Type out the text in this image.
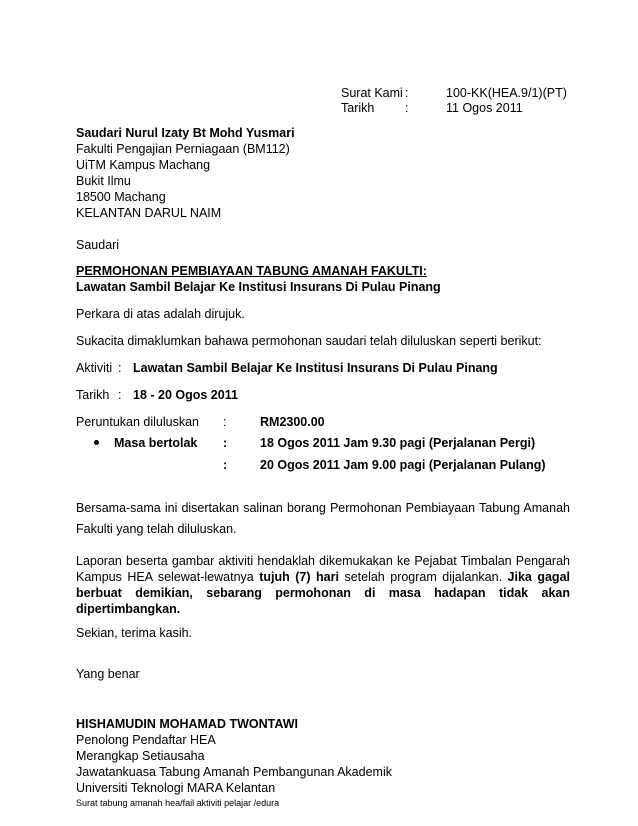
Surat Kami :	100-KK(HEA.9/1)(PT)
Tarikh :	11 Ogos 2011
Saudari Nurul Izaty Bt Mohd Yusmari
Fakulti Pengajian Perniagaan (BM112)
UiTM Kampus Machang
Bukit Ilmu
18500 Machang
KELANTAN DARUL NAIM
Saudari
PERMOHONAN PEMBIAYAAN TABUNG AMANAH FAKULTI:
Lawatan Sambil Belajar Ke Institusi Insurans Di Pulau Pinang
Perkara di atas adalah dirujuk.
Sukacita dimaklumkan bahawa permohonan saudari telah diluluskan seperti berikut:
Aktiviti : Lawatan Sambil Belajar Ke Institusi Insurans Di Pulau Pinang
Tarikh : 18 - 20 Ogos 2011
Peruntukan diluluskan :	RM2300.00
Masa bertolak :	18 Ogos 2011 Jam 9.30 pagi (Perjalanan Pergi)
:	20 Ogos 2011 Jam 9.00 pagi (Perjalanan Pulang)
Bersama-sama ini disertakan salinan borang Permohonan Pembiayaan Tabung Amanah Fakulti yang telah diluluskan.
Laporan beserta gambar aktiviti hendaklah dikemukakan ke Pejabat Timbalan Pengarah Kampus HEA selewat-lewatnya tujuh (7) hari setelah program dijalankan. Jika gagal berbuat demikian, sebarang permohonan di masa hadapan tidak akan dipertimbangkan.
Sekian, terima kasih.
Yang benar
HISHAMUDIN MOHAMAD TWONTAWI
Penolong Pendaftar HEA
Merangkap Setiausaha
Jawatankuasa Tabung Amanah Pembangunan Akademik
Universiti Teknologi MARA Kelantan
Surat tabung amanah hea/fail aktiviti pelajar /edura
